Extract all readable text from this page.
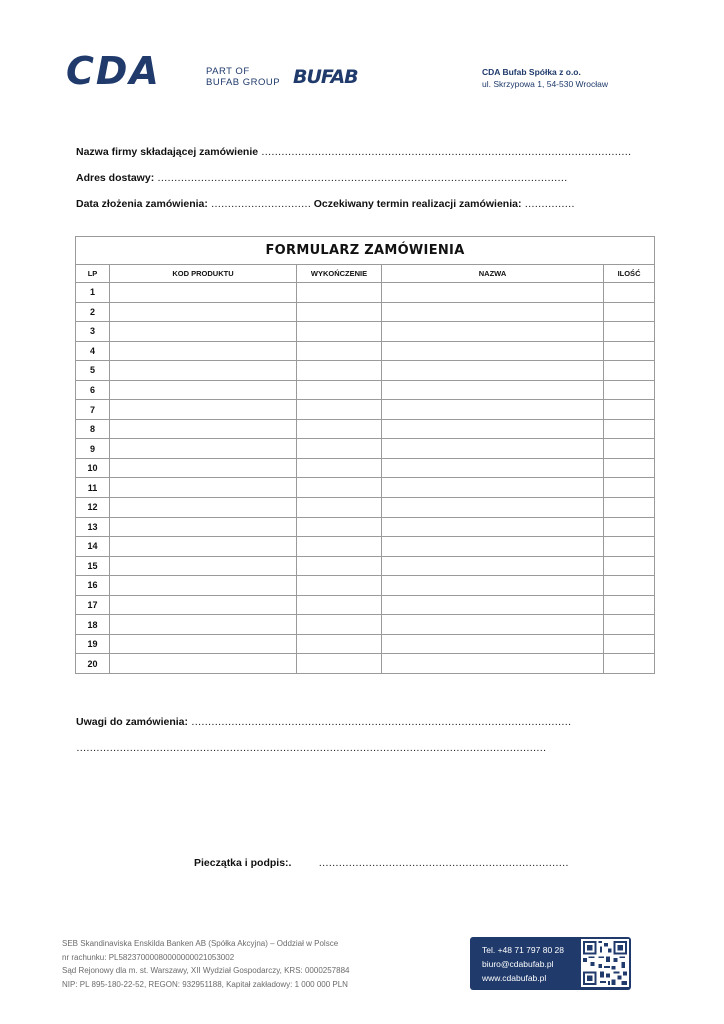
CDA	PART OF
BUFAB GROUP BUFAB	CDA Bufab Spółka z o.o.
ul. Skrzypowa 1, 54-530 Wrocław
Nazwa firmy składającej zamówienie …………………………………………………………………………………………………
Adres dostawy: ……………………………………………………………………………………………………………
Data złożenia zamówienia: ………………………… Oczekiwany termin realizacji zamówienia: ……………
FORMULARZ ZAMÓWIENIA				
LP	KOD PRODUKTU	WYKOŃCZENIE	NAZWA	ILOŚĆ
1				
2				
3				
4				
5				
6				
7				
8				
9				
10				
11				
12				
13				
14				
15				
16				
17				
18				
19				
20				
Uwagi do zamówienia: ……………………………………………………………………………………………………
……………………………………………………………………………………………………………………………
Pieczątka i podpis:.	…………………………………………………………………
SEB Skandinaviska Enskilda Banken AB (Spółka Akcyjna) – Oddział w Polsce
nr rachunku: PL58237000080000000021053002
Sąd Rejonowy dla m. st. Warszawy, XII Wydział Gospodarczy, KRS: 0000257884
NIP: PL 895-180-22-52, REGON: 932951188, Kapitał zakładowy: 1 000 000 PLN
Tel. +48 71 797 80 28
biuro@cdabufab.pl
www.cdabufab.pl
